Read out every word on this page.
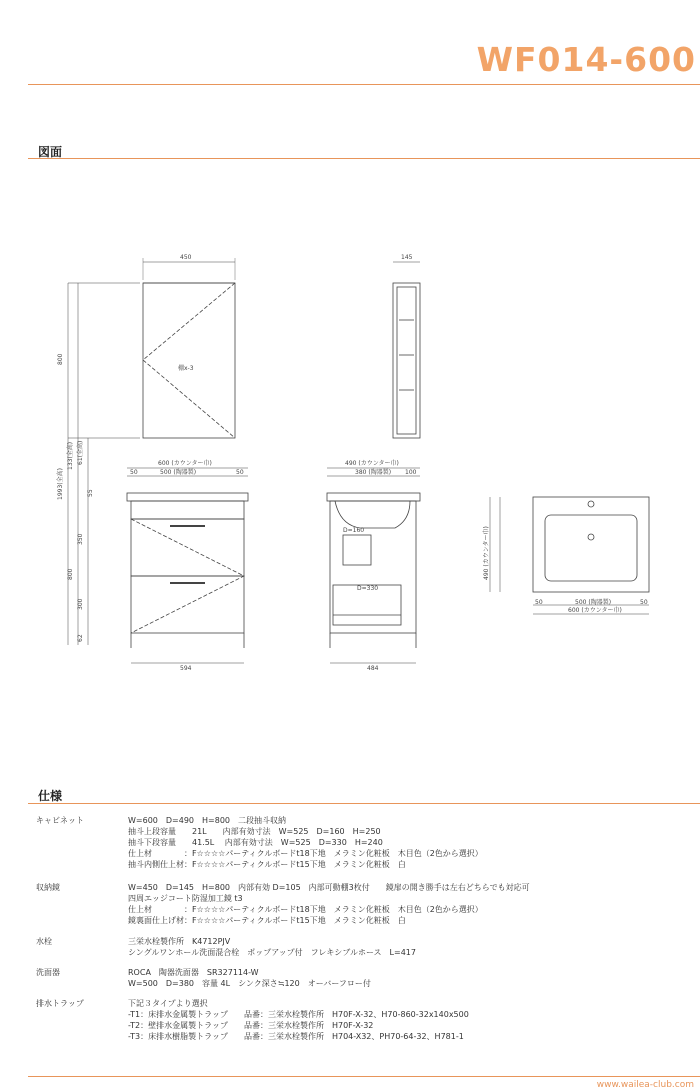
WF014-600
図面
450
棚x-3
145
800
1993(全高)
133(全高) 61(全高)
55
350
800
300
62
600 (カウンター巾)
500 (陶器製)
50	50
594
490 (カウンター巾)
380 (陶器製) 100
D=160
D=330
484
500 (陶器製)
600 (カウンター巾)
50	50
490 (カウンター巾)
仕様
キャビネット	W=600　D=490　H=800　二段抽斗収納
抽斗上段容量　　21L　　内部有効寸法　W=525　D=160　H=250
抽斗下段容量　　41.5L　 内部有効寸法　W=525　D=330　H=240
仕上材　　　　：F☆☆☆☆パーティクルボードt18下地　メラミン化粧板　木目色（2色から選択）
抽斗内側仕上材：F☆☆☆☆パーティクルボードt15下地　メラミン化粧板　白
収納鏡	W=450　D=145　H=800　内部有効 D=105　内部可動棚3枚付　　鏡扉の開き勝手は左右どちらでも対応可
四周エッジコート防湿加工鏡 t3
仕上材　　　　：F☆☆☆☆パーティクルボードt18下地　メラミン化粧板　木目色（2色から選択）
鏡裏面仕上げ材：F☆☆☆☆パーティクルボードt15下地　メラミン化粧板　白
水栓	三栄水栓製作所　K4712PJV
シングルワンホール洗面混合栓　ポップアップ付　フレキシブルホース　L=417
洗面器	ROCA　陶器洗面器　SR327114-W
W=500　D=380　容量 4L　シンク深さ≒120　オーバーフロー付
排水トラップ	下記３タイプより選択
-T1：床排水金属製トラップ　　品番：三栄水栓製作所　H70F-X-32、H70-860-32x140x500
-T2：壁排水金属製トラップ　　品番：三栄水栓製作所　H70F-X-32
-T3：床排水樹脂製トラップ　　品番：三栄水栓製作所　H704-X32、PH70-64-32、H781-1
www.wailea-club.com
